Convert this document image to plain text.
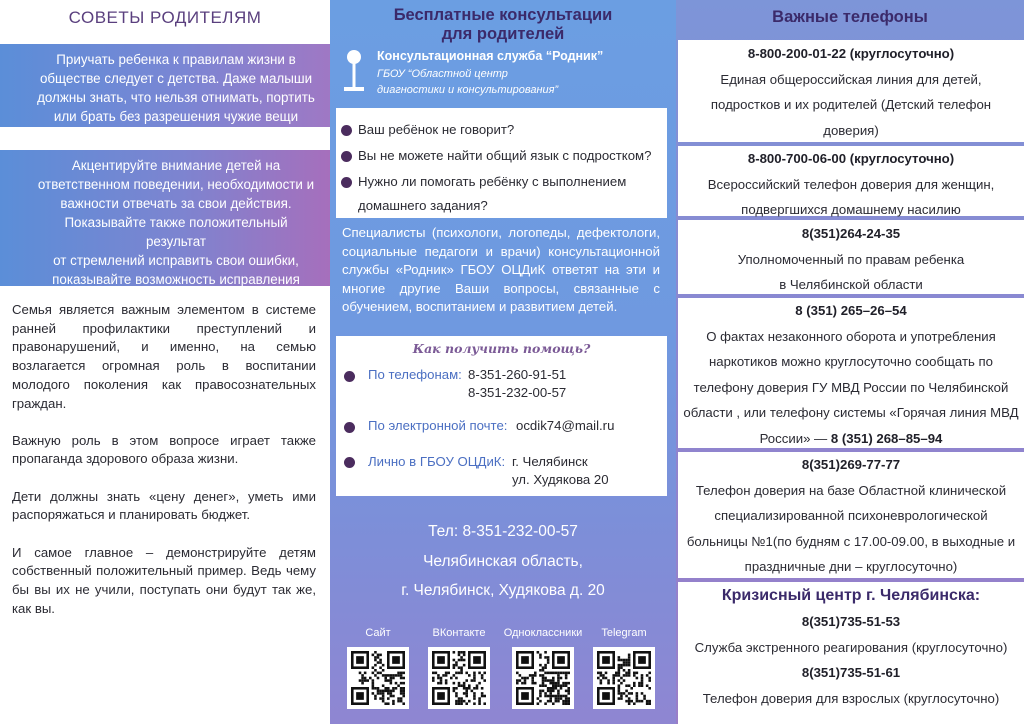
СОВЕТЫ РОДИТЕЛЯМ
Приучать ребенка к правилам жизни в
обществе следует с детства. Даже малыши
должны знать, что нельзя отнимать, портить
или брать без разрешения чужие вещи
Акцентируйте внимание детей на
ответственном поведении, необходимости и
важности отвечать за свои действия.
Показывайте также положительный результат
от стремлений исправить свои ошибки,
показывайте возможность исправления
сделанного

Семья является важным элементом в системе ранней профилактики преступлений и правонарушений, и именно, на семью возлагается огромная роль в воспитании молодого поколения как правосознательных граждан.

Важную роль в этом вопросе играет также пропаганда здорового образа жизни.

Дети должны знать «цену денег», уметь ими распоряжаться и планировать бюджет.

И самое главное – демонстрируйте детям собственный положительный пример. Ведь чему бы вы их не учили, поступать они будут так же, как вы.

Бесплатные консультации
для родителей
Консультационная служба “Родник”
ГБОУ “Областной центр
диагностики и консультирования”
Ваш ребёнок не говорит?
Вы не можете найти общий язык с подростком?
Нужно ли помогать ребёнку с выполнением
домашнего задания?
Специалисты (психологи, логопеды, дефектологи, социальные педагоги и врачи) консультационной службы «Родник» ГБОУ ОЦДиК ответят на эти и многие другие Ваши вопросы, связанные с обучением, воспитанием и развитием детей.
Как получить помощь?
По телефонам: 8-351-260-91-51
8-351-232-00-57
По электронной почте: ocdik74@mail.ru
Лично в ГБОУ ОЦДиК: г. Челябинск
ул. Худякова 20
Тел: 8-351-232-00-57
Челябинская область,
г. Челябинск, Худякова д. 20
Сайт	ВКонтакте	Одноклассники	Telegram
Важные телефоны
8-800-200-01-22 (круглосуточно)
Единая общероссийская линия для детей,
подростков и их родителей (Детский телефон
доверия)
8-800-700-06-00 (круглосуточно)
Всероссийский телефон доверия для женщин,
подвергшихся домашнему насилию
8(351)264-24-35
Уполномоченный по правам ребенка
в Челябинской области
8 (351) 265–26–54
О фактах незаконного оборота и употребления
наркотиков можно круглосуточно сообщать по
телефону доверия ГУ МВД России по Челябинской
области , или телефону системы «Горячая линия МВД
России» — 8 (351) 268–85–94
8(351)269-77-77
Телефон доверия на базе Областной клинической
специализированной психоневрологической
больницы №1(по будням с 17.00-09.00, в выходные и
праздничные дни – круглосуточно)
Кризисный центр г. Челябинска:
8(351)735-51-53
Служба экстренного реагирования (круглосуточно)
8(351)735-51-61
Телефон доверия для взрослых (круглосуточно)
